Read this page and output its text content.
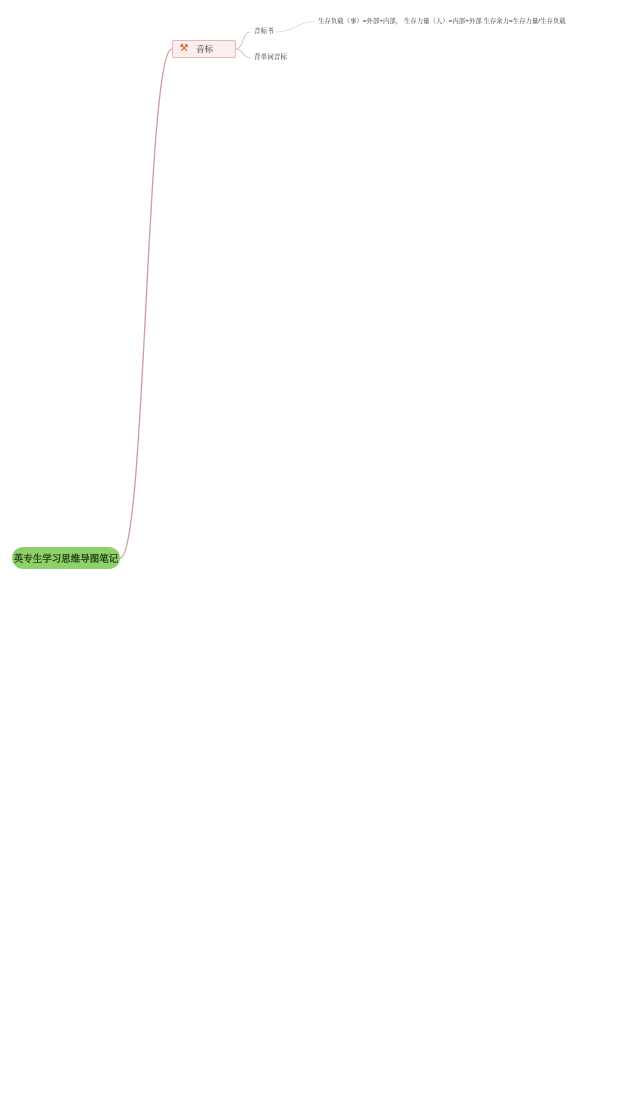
英专生学习思维导图笔记
⚒ 音标
音标书
生存负载（事）=外部+内部， 生存力量（人）=内部+外部 生存余力=生存力量/生存负载
背单词音标
